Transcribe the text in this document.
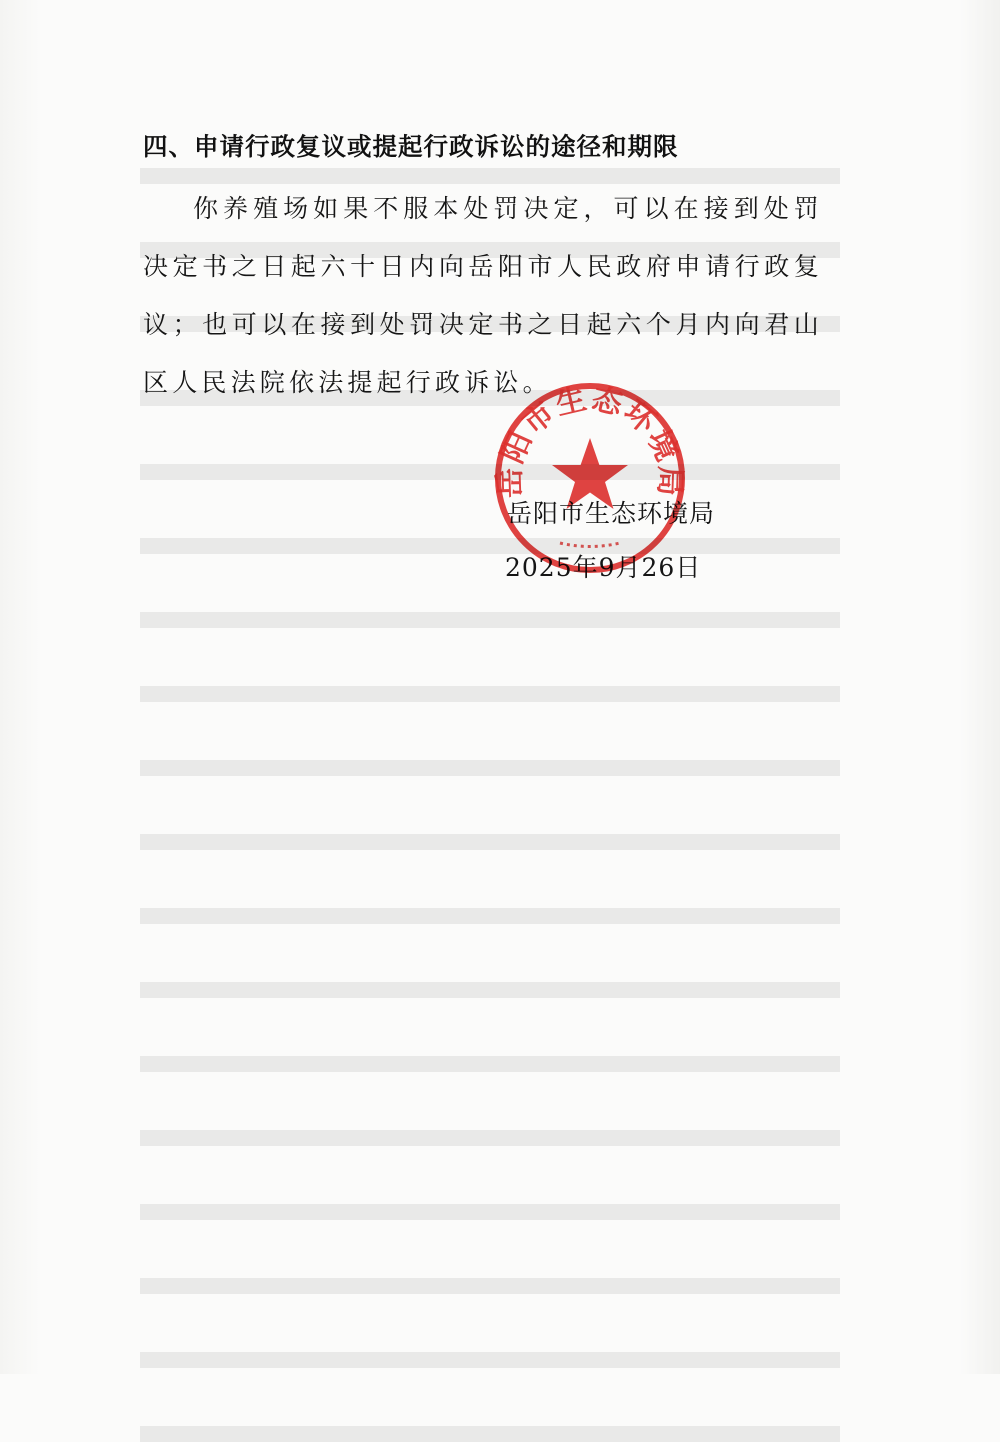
四、申请行政复议或提起行政诉讼的途径和期限
你养殖场如果不服本处罚决定，可以在接到处罚决定书之日起六十日内向岳阳市人民政府申请行政复议；也可以在接到处罚决定书之日起六个月内向君山区人民法院依法提起行政诉讼。
岳阳市生态环境局
2025年9月26日
岳阳市生态环境局
